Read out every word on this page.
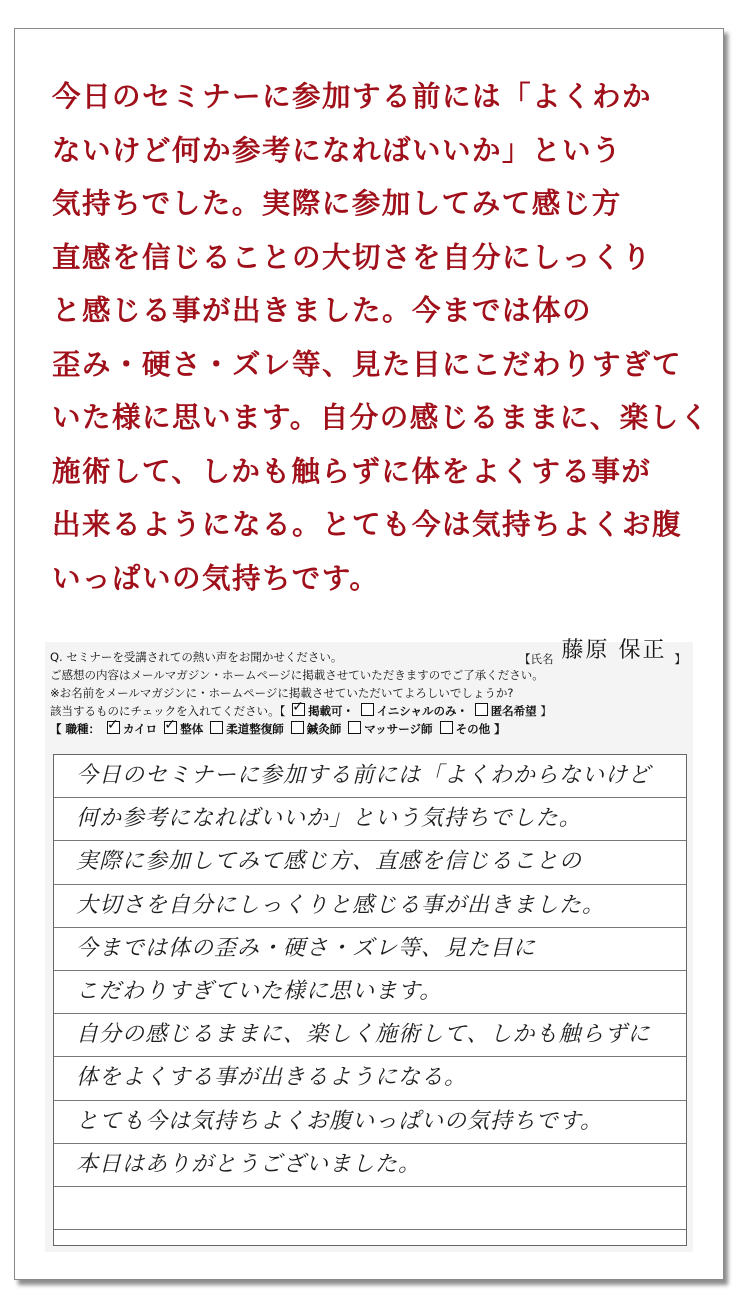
今日のセミナーに参加する前には「よくわか
ないけど何か参考になればいいか」という
気持ちでした。実際に参加してみて感じ方
直感を信じることの大切さを自分にしっくり
と感じる事が出きました。今までは体の
歪み・硬さ・ズレ等、見た目にこだわりすぎて
いた様に思います。自分の感じるままに、楽しく
施術して、しかも触らずに体をよくする事が
出来るようになる。とても今は気持ちよくお腹
いっぱいの気持ちです。
Q. セミナーを受講されての熱い声をお聞かせください。	【氏名 藤原 保正 】
ご感想の内容はメールマガジン・ホームページに掲載させていただきますのでご了承ください。
※お名前をメールマガジンに・ホームページに掲載させていただいてよろしいでしょうか?
該当するものにチェックを入れてください。【 ✓ 掲載可・ イニシャルのみ・ 匿名希望 】
【 職種： ✓ カイロ ✓ 整体 柔道整復師 鍼灸師 マッサージ師 その他 】
今日のセミナーに参加する前には「よくわからないけど
何か参考になればいいか」という気持ちでした。
実際に参加してみて感じ方、直感を信じることの
大切さを自分にしっくりと感じる事が出きました。
今までは体の歪み・硬さ・ズレ等、見た目に
こだわりすぎていた様に思います。
自分の感じるままに、楽しく施術して、しかも触らずに
体をよくする事が出きるようになる。
とても今は気持ちよくお腹いっぱいの気持ちです。
本日はありがとうございました。
